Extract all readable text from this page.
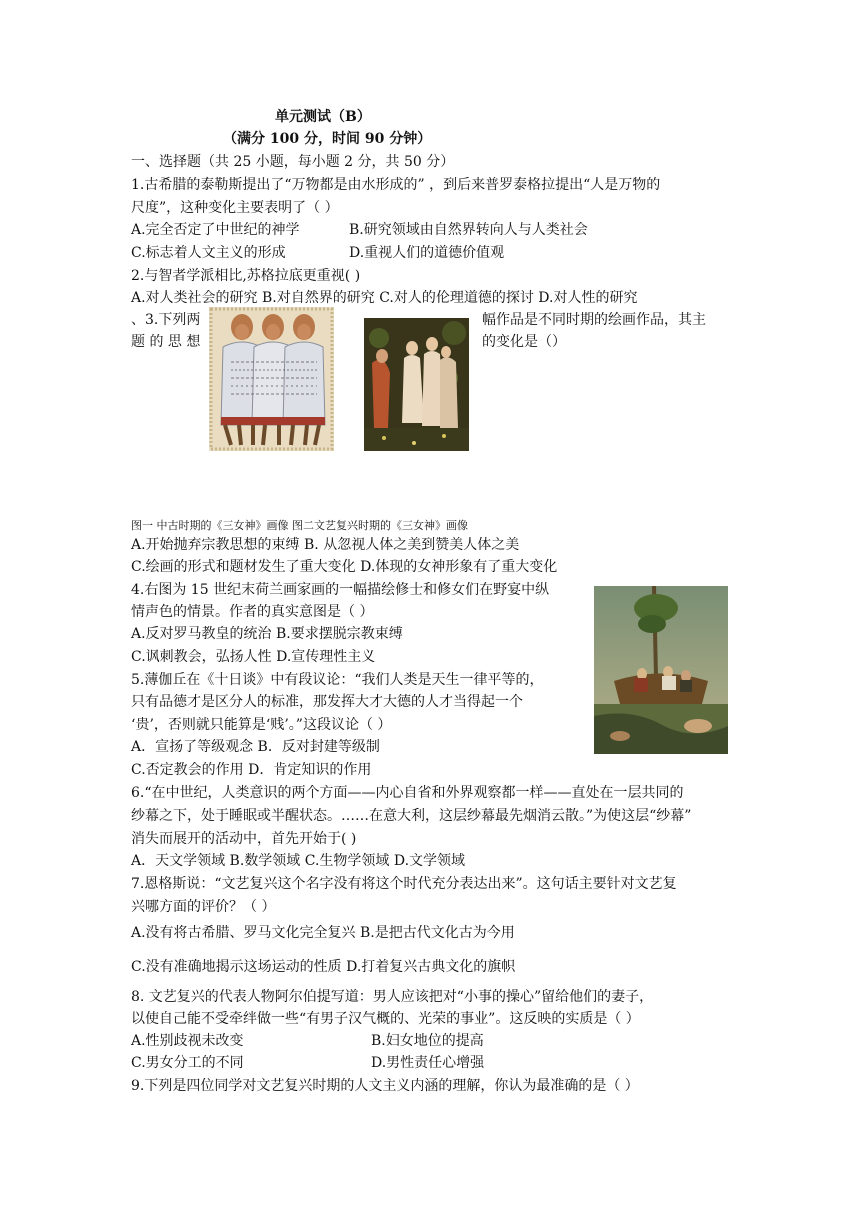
单元测试（B）
（满分 100 分，时间 90 分钟）
一、选择题（共 25 小题，每小题 2 分，共 50 分）
1.古希腊的泰勒斯提出了“万物都是由水形成的” ，到后来普罗泰格拉提出“人是万物的
尺度”，这种变化主要表明了（ ）
A.完全否定了中世纪的神学	B.研究领域由自然界转向人与人类社会
C.标志着人文主义的形成	D.重视人们的道德价值观
2.与智者学派相比,苏格拉底更重视( )
A.对人类社会的研究 B.对自然界的研究 C.对人的伦理道德的探讨 D.对人性的研究
、3.下列两
题 的 思 想
幅作品是不同时期的绘画作品，其主
的变化是（）
图一 中古时期的《三女神》画像 图二文艺复兴时期的《三女神》画像
A.开始抛弃宗教思想的束缚 B. 从忽视人体之美到赞美人体之美
C.绘画的形式和题材发生了重大变化 D.体现的女神形象有了重大变化
4.右图为 15 世纪末荷兰画家画的一幅描绘修士和修女们在野宴中纵
情声色的情景。作者的真实意图是（ ）
A.反对罗马教皇的统治 B.要求摆脱宗教束缚
C.讽刺教会，弘扬人性 D.宣传理性主义
5.薄伽丘在《十日谈》中有段议论：“我们人类是天生一律平等的，
只有品德才是区分人的标准，那发挥大才大德的人才当得起一个
‘贵’，否则就只能算是‘贱’。”这段议论（ ）
A．宣扬了等级观念 B．反对封建等级制
C.否定教会的作用 D．肯定知识的作用
6.“在中世纪，人类意识的两个方面——内心自省和外界观察都一样——直处在一层共同的
纱幕之下，处于睡眠或半醒状态。……在意大利，这层纱幕最先烟消云散。”为使这层“纱幕”
消失而展开的活动中，首先开始于( )
A．天文学领域 B.数学领域 C.生物学领域 D.文学领域
7.恩格斯说：“文艺复兴这个名字没有将这个时代充分表达出来”。这句话主要针对文艺复
兴哪方面的评价？（ ）
A.没有将古希腊、罗马文化完全复兴 B.是把古代文化古为今用
C.没有准确地揭示这场运动的性质 D.打着复兴古典文化的旗帜
8. 文艺复兴的代表人物阿尔伯提写道：男人应该把对“小事的操心”留给他们的妻子，
以使自己能不受牵绊做一些“有男子汉气概的、光荣的事业”。这反映的实质是（ ）
A.性别歧视未改变	B.妇女地位的提高
C.男女分工的不同	D.男性责任心增强
9.下列是四位同学对文艺复兴时期的人文主义内涵的理解，你认为最准确的是（ ）
